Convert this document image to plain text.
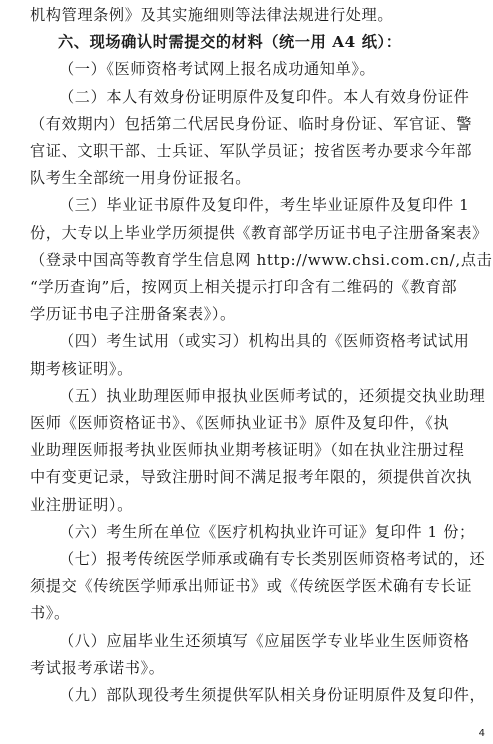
机构管理条例》及其实施细则等法律法规进行处理。
六、现场确认时需提交的材料（统一用 A4 纸）：
（一）《医师资格考试网上报名成功通知单》。
（二）本人有效身份证明原件及复印件。本人有效身份证件
（有效期内）包括第二代居民身份证、临时身份证、军官证、警
官证、文职干部、士兵证、军队学员证；按省医考办要求今年部
队考生全部统一用身份证报名。
（三）毕业证书原件及复印件，考生毕业证原件及复印件 1
份，大专以上毕业学历须提供《教育部学历证书电子注册备案表》
（登录中国高等教育学生信息网 http://www.chsi.com.cn/,点击
“学历查询”后，按网页上相关提示打印含有二维码的《教育部
学历证书电子注册备案表》）。
（四）考生试用（或实习）机构出具的《医师资格考试试用
期考核证明》。
（五）执业助理医师申报执业医师考试的，还须提交执业助理
医师《医师资格证书》、《医师执业证书》原件及复印件，《执
业助理医师报考执业医师执业期考核证明》（如在执业注册过程
中有变更记录，导致注册时间不满足报考年限的，须提供首次执
业注册证明）。
（六）考生所在单位《医疗机构执业许可证》复印件 1 份；
（七）报考传统医学师承或确有专长类别医师资格考试的，还
4
须提交《传统医学师承出师证书》或《传统医学医术确有专长证
书》。
（八）应届毕业生还须填写《应届医学专业毕业生医师资格
考试报考承诺书》。
（九）部队现役考生须提供军队相关身份证明原件及复印件，
